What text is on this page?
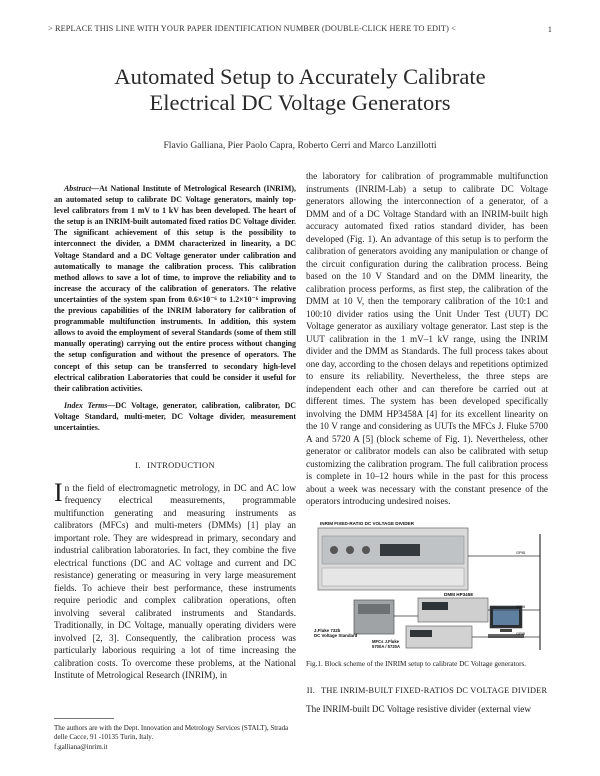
> REPLACE THIS LINE WITH YOUR PAPER IDENTIFICATION NUMBER (DOUBLE-CLICK HERE TO EDIT) <	1
Automated Setup to Accurately Calibrate
Electrical DC Voltage Generators
Flavio Galliana, Pier Paolo Capra, Roberto Cerri and Marco Lanzillotti

Abstract—At National Institute of Metrological Research (INRIM), an automated setup to calibrate DC Voltage generators, mainly top-level calibrators from 1 mV to 1 kV has been developed. The heart of the setup is an INRIM-built automated fixed ratios DC Voltage divider. The significant achievement of this setup is the possibility to interconnect the divider, a DMM characterized in linearity, a DC Voltage Standard and a DC Voltage generator under calibration and automatically to manage the calibration process. This calibration method allows to save a lot of time, to improve the reliability and to increase the accuracy of the calibration of generators. The relative uncertainties of the system span from 0.6×10⁻⁶ to 1.2×10⁻⁶ improving the previous capabilities of the INRIM laboratory for calibration of programmable multifunction instruments. In addition, this system allows to avoid the employment of several Standards (some of them still manually operating) carrying out the entire process without changing the setup configuration and without the presence of operators. The concept of this setup can be transferred to secondary high-level electrical calibration Laboratories that could be consider it useful for their calibration activities.

Index Terms—DC Voltage, generator, calibration, calibrator, DC Voltage Standard, multi-meter, DC Voltage divider, measurement uncertainties.

I. INTRODUCTION

In the field of electromagnetic metrology, in DC and AC low frequency electrical measurements, programmable multifunction generating and measuring instruments as calibrators (MFCs) and multi-meters (DMMs) [1] play an important role. They are widespread in primary, secondary and industrial calibration laboratories. In fact, they combine the five electrical functions (DC and AC voltage and current and DC resistance) generating or measuring in very large measurement fields. To achieve their best performance, these instruments require periodic and complex calibration operations, often involving several calibrated instruments and Standards. Traditionally, in DC Voltage, manually operating dividers were involved [2, 3]. Consequently, the calibration process was particularly laborious requiring a lot of time increasing the calibration costs. To overcome these problems, at the National Institute of Metrological Research (INRIM), in

The authors are with the Dept. Innovation and Metrology Services (STALT), Strada delle Cacce, 91 -10135 Turin, Italy.
f.galliana@inrim.it

the laboratory for calibration of programmable multifunction instruments (INRIM-Lab) a setup to calibrate DC Voltage generators allowing the interconnection of a generator, of a DMM and of a DC Voltage Standard with an INRIM-built high accuracy automated fixed ratios standard divider, has been developed (Fig. 1). An advantage of this setup is to perform the calibration of generators avoiding any manipulation or change of the circuit configuration during the calibration process. Being based on the 10 V Standard and on the DMM linearity, the calibration process performs, as first step, the calibration of the DMM at 10 V, then the temporary calibration of the 10:1 and 100:10 divider ratios using the Unit Under Test (UUT) DC Voltage generator as auxiliary voltage generator. Last step is the UUT calibration in the 1 mV–1 kV range, using the INRIM divider and the DMM as Standards. The full process takes about one day, according to the chosen delays and repetitions optimized to ensure its reliability. Nevertheless, the three steps are independent each other and can therefore be carried out at different times. The system has been developed specifically involving the DMM HP3458A [4] for its excellent linearity on the 10 V range and considering as UUTs the MFCs J. Fluke 5700 A and 5720 A [5] (block scheme of Fig. 1). Nevertheless, other generator or calibrator models can also be calibrated with setup customizing the calibration program. The full calibration process is complete in 10–12 hours while in the past for this process about a week was necessary with the constant presence of the operators introducing undesired noises.

INRIM FIXED-RATIO DC VOLTAGE DIVIDER
DMM HP3458
J.Fluke 732b
DC Voltage Standard
MFCs J.Fluke
5700A / 5720A
GPIB
GPIB
GPIB

Fig.1. Block scheme of the INRIM setup to calibrate DC Voltage generators.

II. THE INRIM-BUILT FIXED-RATIOS DC VOLTAGE DIVIDER

The INRIM-built DC Voltage resistive divider (external view
